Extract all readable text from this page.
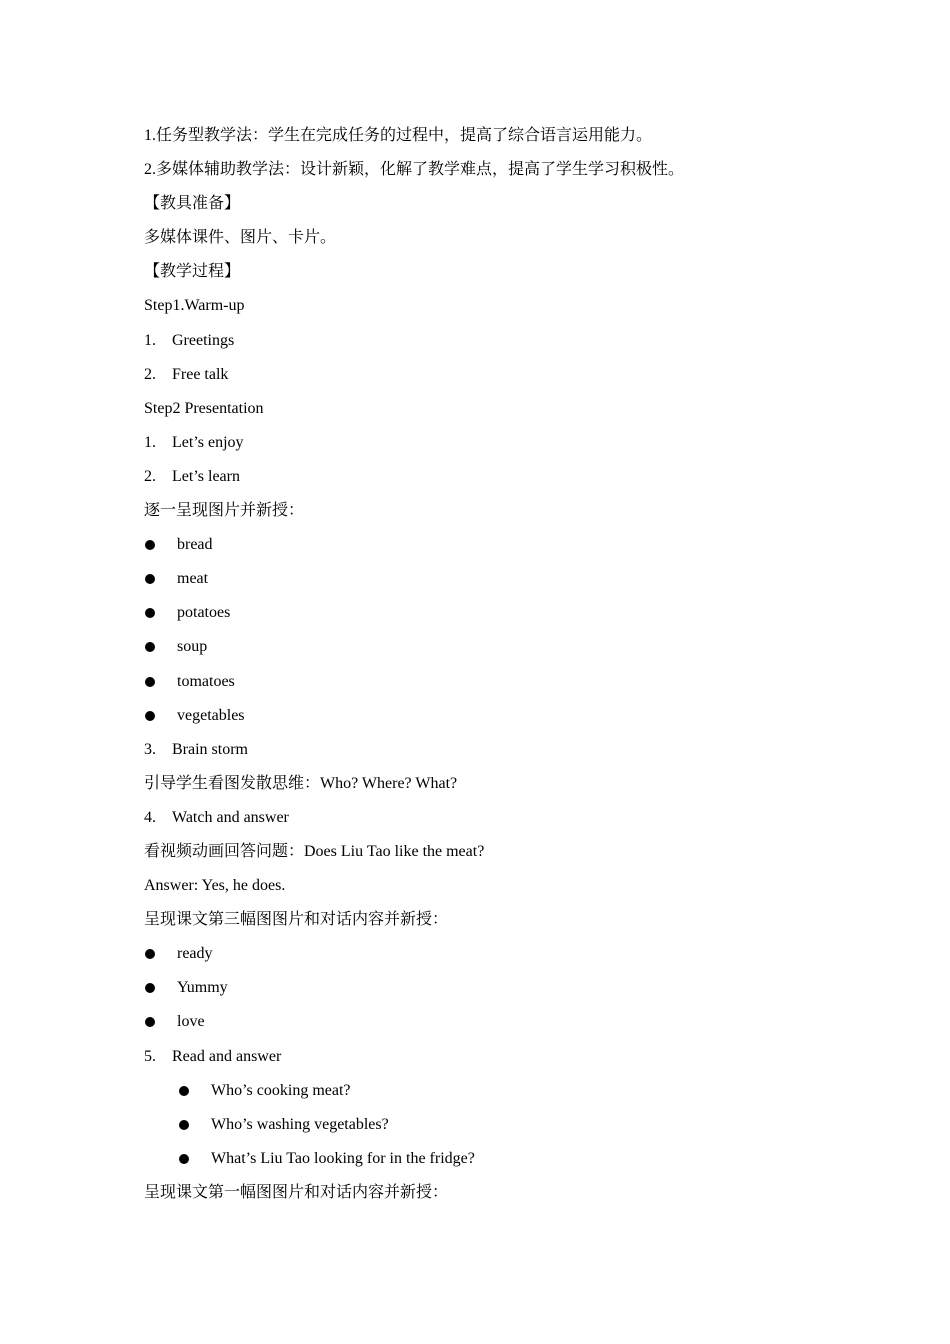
1.任务型教学法：学生在完成任务的过程中，提高了综合语言运用能力。
2.多媒体辅助教学法：设计新颖，化解了教学难点，提高了学生学习积极性。
【教具准备】
多媒体课件、图片、卡片。
【教学过程】
Step1.Warm-up
1. Greetings
2. Free talk
Step2 Presentation
1. Let’s enjoy
2. Let’s learn
逐一呈现图片并新授：
bread
meat
potatoes
soup
tomatoes
vegetables
3. Brain storm
引导学生看图发散思维：Who? Where? What?
4. Watch and answer
看视频动画回答问题：Does Liu Tao like the meat?
Answer: Yes, he does.
呈现课文第三幅图图片和对话内容并新授：
ready
Yummy
love
5. Read and answer
Who’s cooking meat?
Who’s washing vegetables?
What’s Liu Tao looking for in the fridge?
呈现课文第一幅图图片和对话内容并新授：
